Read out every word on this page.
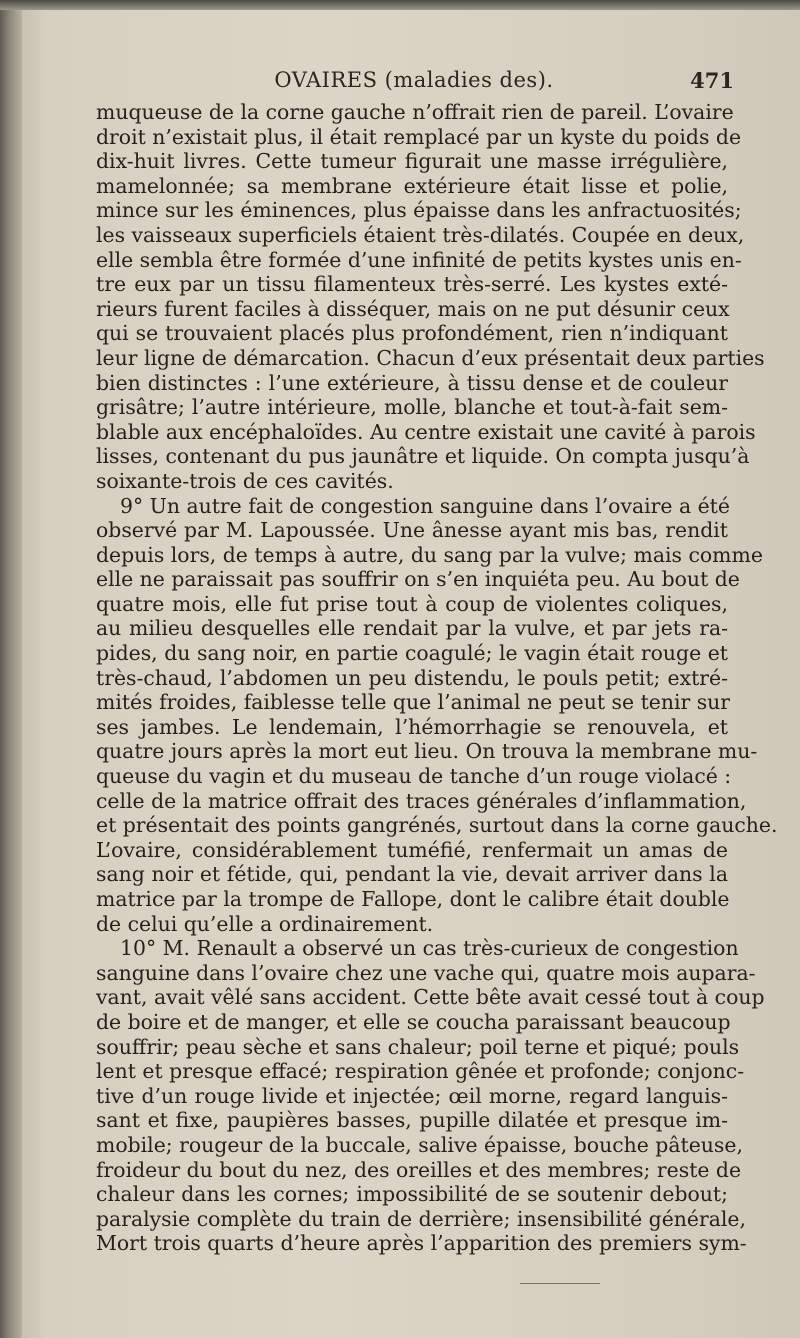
OVAIRES (maladies des).	471
muqueuse de la corne gauche n’offrait rien de pareil. L’ovaire
droit n’existait plus, il était remplacé par un kyste du poids de
dix-huit livres. Cette tumeur figurait une masse irrégulière,
mamelonnée; sa membrane extérieure était lisse et polie,
mince sur les éminences, plus épaisse dans les anfractuosités;
les vaisseaux superficiels étaient très-dilatés. Coupée en deux,
elle sembla être formée d’une infinité de petits kystes unis en-
tre eux par un tissu filamenteux très-serré. Les kystes exté-
rieurs furent faciles à disséquer, mais on ne put désunir ceux
qui se trouvaient placés plus profondément, rien n’indiquant
leur ligne de démarcation. Chacun d’eux présentait deux parties
bien distinctes : l’une extérieure, à tissu dense et de couleur
grisâtre; l’autre intérieure, molle, blanche et tout-à-fait sem-
blable aux encéphaloïdes. Au centre existait une cavité à parois
lisses, contenant du pus jaunâtre et liquide. On compta jusqu’à
soixante-trois de ces cavités.
9° Un autre fait de congestion sanguine dans l’ovaire a été
observé par M. Lapoussée. Une ânesse ayant mis bas, rendit
depuis lors, de temps à autre, du sang par la vulve; mais comme
elle ne paraissait pas souffrir on s’en inquiéta peu. Au bout de
quatre mois, elle fut prise tout à coup de violentes coliques,
au milieu desquelles elle rendait par la vulve, et par jets ra-
pides, du sang noir, en partie coagulé; le vagin était rouge et
très-chaud, l’abdomen un peu distendu, le pouls petit; extré-
mités froides, faiblesse telle que l’animal ne peut se tenir sur
ses jambes. Le lendemain, l’hémorrhagie se renouvela, et
quatre jours après la mort eut lieu. On trouva la membrane mu-
queuse du vagin et du museau de tanche d’un rouge violacé :
celle de la matrice offrait des traces générales d’inflammation,
et présentait des points gangrénés, surtout dans la corne gauche.
L’ovaire, considérablement tuméfié, renfermait un amas de
sang noir et fétide, qui, pendant la vie, devait arriver dans la
matrice par la trompe de Fallope, dont le calibre était double
de celui qu’elle a ordinairement.
10° M. Renault a observé un cas très-curieux de congestion
sanguine dans l’ovaire chez une vache qui, quatre mois aupara-
vant, avait vêlé sans accident. Cette bête avait cessé tout à coup
de boire et de manger, et elle se coucha paraissant beaucoup
souffrir; peau sèche et sans chaleur; poil terne et piqué; pouls
lent et presque effacé; respiration gênée et profonde; conjonc-
tive d’un rouge livide et injectée; œil morne, regard languis-
sant et fixe, paupières basses, pupille dilatée et presque im-
mobile; rougeur de la buccale, salive épaisse, bouche pâteuse,
froideur du bout du nez, des oreilles et des membres; reste de
chaleur dans les cornes; impossibilité de se soutenir debout;
paralysie complète du train de derrière; insensibilité générale,
Mort trois quarts d’heure après l’apparition des premiers sym-
